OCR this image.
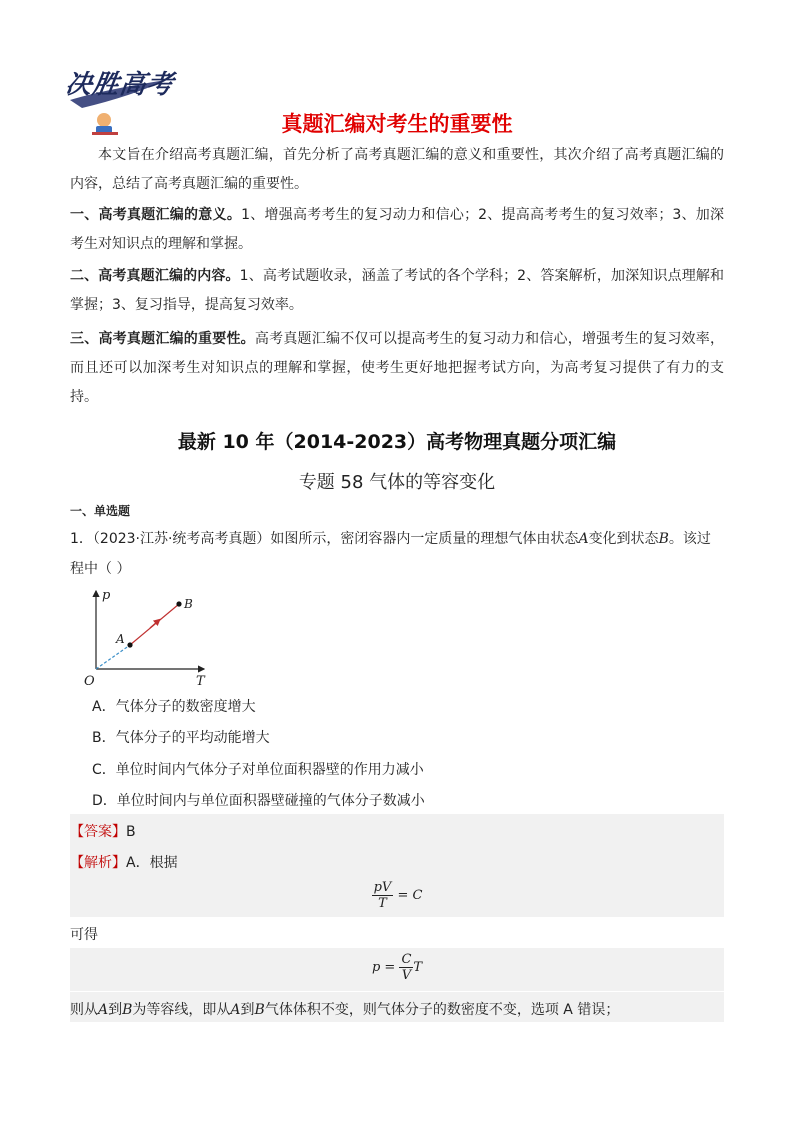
决胜高考
真题汇编对考生的重要性
本文旨在介绍高考真题汇编，首先分析了高考真题汇编的意义和重要性，其次介绍了高考真题汇编的内容，总结了高考真题汇编的重要性。
一、高考真题汇编的意义。1、增强高考考生的复习动力和信心；2、提高高考考生的复习效率；3、加深考生对知识点的理解和掌握。
二、高考真题汇编的内容。1、高考试题收录，涵盖了考试的各个学科；2、答案解析，加深知识点理解和掌握；3、复习指导，提高复习效率。
三、高考真题汇编的重要性。高考真题汇编不仅可以提高考生的复习动力和信心，增强考生的复习效率，而且还可以加深考生对知识点的理解和掌握，使考生更好地把握考试方向，为高考复习提供了有力的支持。
最新 10 年（2014-2023）高考物理真题分项汇编
专题 58 气体的等容变化
一、单选题
1．（2023·江苏·统考高考真题）如图所示，密闭容器内一定质量的理想气体由状态A变化到状态B。该过程中（ ）
p
T
O
A
B
A．气体分子的数密度增大
B．气体分子的平均动能增大
C．单位时间内气体分子对单位面积器壁的作用力减小
D．单位时间内与单位面积器壁碰撞的气体分子数减小
【答案】B
【解析】A．根据
$\frac{pV}{T} = C$
可得
$p = \frac{C}{V}$ T
则从A到B为等容线，即从A到B气体体积不变，则气体分子的数密度不变，选项 A 错误；
